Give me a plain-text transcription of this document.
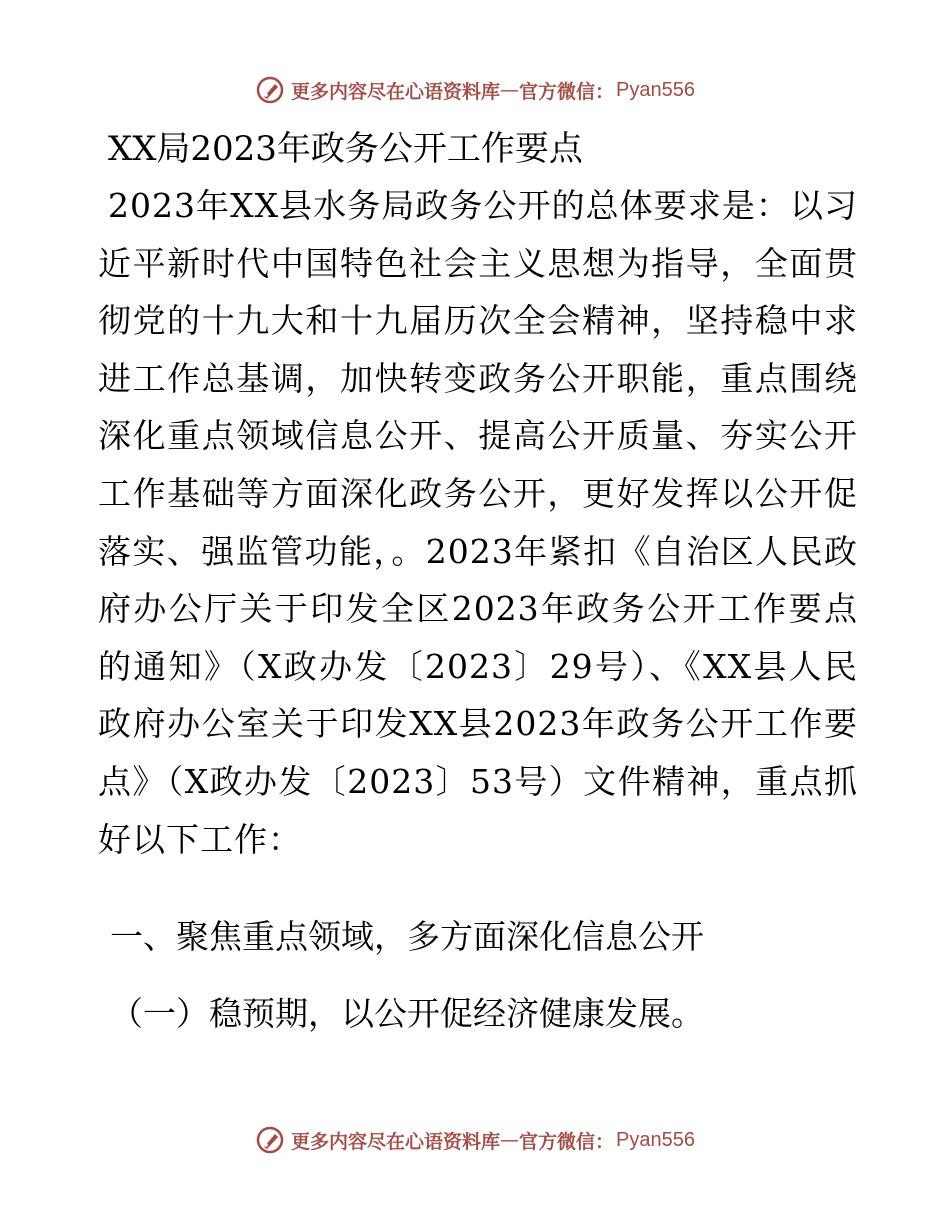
更多内容尽在心语资料库 — 官方微信： Pyan556
XX局2023年政务公开工作要点
2023年XX县水务局政务公开的总体要求是：以习近平新时代中国特色社会主义思想为指导，全面贯彻党的十九大和十九届历次全会精神，坚持稳中求进工作总基调，加快转变政务公开职能，重点围绕深化重点领域信息公开、提高公开质量、夯实公开工作基础等方面深化政务公开，更好发挥以公开促落实、强监管功能，。2023年紧扣《自治区人民政府办公厅关于印发全区2023年政务公开工作要点的通知》（X政办发〔2023〕29号）、《XX县人民政府办公室关于印发XX县2023年政务公开工作要点》（X政办发〔2023〕53号）文件精神，重点抓好以下工作：
一、聚焦重点领域，多方面深化信息公开
（一）稳预期，以公开促经济健康发展。
更多内容尽在心语资料库 — 官方微信： Pyan556
